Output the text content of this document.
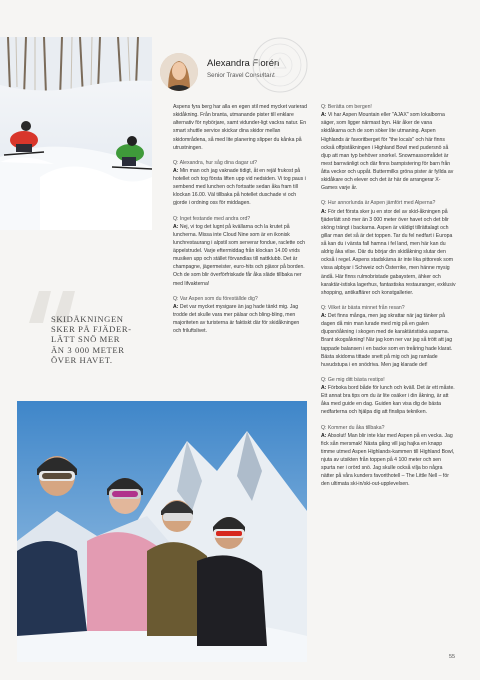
Alexandra Florén
Senior Travel Consultant

Aspens fyra berg har alla en egen stil med mycket varierad skidåkning. Från branta, utmanande pister till enklare alternativ för nybörjare, samt vidunder-ligt vackra natur. En smart shuttle service skickar dina skidor mellan skidområdena, så med lite planering slipper du kånka på utrustningen.

Q: Alexandra, hur såg dina dagar ut?
A: Min man och jag vaknade tidigt, åt en rejäl frukost på hotellet och tog första liften upp vid nedsiden. Vi tog paus i sembend med lunchen och fortsatte sedan åka fram till klockan 16.00. Väl tillbaka på hotellet duschade vi och gjorde i ordning oss för middagen.

Q: Inget festande med andra ord?
A: Nej, vi tog det lugnt på kvällarna och la krutet på luncherna. Missa inte Cloud Nine som är en ikonisk lunchrestaurang i alpstil som serverar fondue, raclette och äppelstrudel. Varje eftermiddag från klockan 14.00 vrids musiken upp och stället förvandlas till nattklubb. Det är champagne, jägermeister, euro-hits och pjäxor på borden. Och de som blir överförfriskade får åka släde tillbaka ner med lifvakterna!

Q: Var Aspen som du föreställde dig?
A: Det var mycket mysigare än jag hade tänkt mig. Jag trodde det skulle vara mer pälsar och bling-bling, men majoriteten av turisterna är faktiskt där för skidåkningen och friluftslivet.

Q: Berätta om bergen!
A: Vi har Aspen Mountain eller "AJAX" som lokalborna säger, som ligger närmast byn. Här åker de vana skidåkarna och de som söker lite utmaning. Aspen Highlands är favoritberget för "the locals" och här finns också offpiståkningen i Highland Bowl med pudersnö så djup att man typ behöver snorkel. Snowmassområdet är mest barnvänligt och där finns barnpistering för barn från åtta veckor och uppåt. Buttermilks gröna pister är fyllda av skidåkare och elever och det är här de arrangerar X-Games varje år.

Q: Hur annorlunda är Aspen jämfört med Alperna?
A: För det första sker ju en stor del av skid-åkningen på fjäderlätt snö mer än 3 000 meter över havet och det blir sköng trängt i backarna. Aspen är väldigt tillrättalagt och gillar man det så är det toppen. Tar du fel nedfart i Europa så kan du i värsta fall hamna i fel land, men här kan du aldrig åka vilse. Där du börjar din skidåkning slutar den också i regel. Aspens stadskärna är inte lika pittoresk som vissa alpbyar i Schweiz och Österrike, men hänne mysig ändå. Här finns rulmobristade gabaystern, ähker och karaktär-istiska lagerhus, fantastiska restauranger, exklusiv shopping, antikaffärer och konstgallerier.

Q: Vilket är bästa minnet från resan?
A: Det finns många, men jag skrattar när jag tänker på dagen då min man lurade med mig på en galen djupsnöåkning i skogen med de karaktäristiska asparna. Brant skogsåkning! När jag kom ner var jag så trött att jag tappade balansen i en backe som en treåring hade klarat. Bästa skidoma tittade snett på mig och jag ramlade huvudstupa i en snödriva. Men jag klarade det!

Q: Ge mig ditt bästa restips!
A: Förboka bord både för lunch och kväll. Det är ett måste. Ett annat bra tips om du är lite osäker i din åkning, är att åka med guide en dag. Guiden kan visa dig de bästa nedfarterna och hjälpa dig att finslipa tekniken.

Q: Kommer du åka tillbaka?
A: Absolut! Man blir inte klar med Aspen på en vecka. Jag fick sån mersmak! Nästa gång vill jag hajka en knapp timme utmed Aspen Highlands-kammen till Highland Bowl, njuta av utsikten från toppen på 4 100 meter och sen spurta ner i orörd snö. Jag skulle också vilja bo några nätter på våra kunders favorithotell – The Little Nell – för den ultimata ski-in/ski-out-upplevelsen.

SKIDÅKNINGEN
SKER PÅ FJÄDER-
LÄTT SNÖ MER
ÄN 3 000 METER
ÖVER HAVET.
55
